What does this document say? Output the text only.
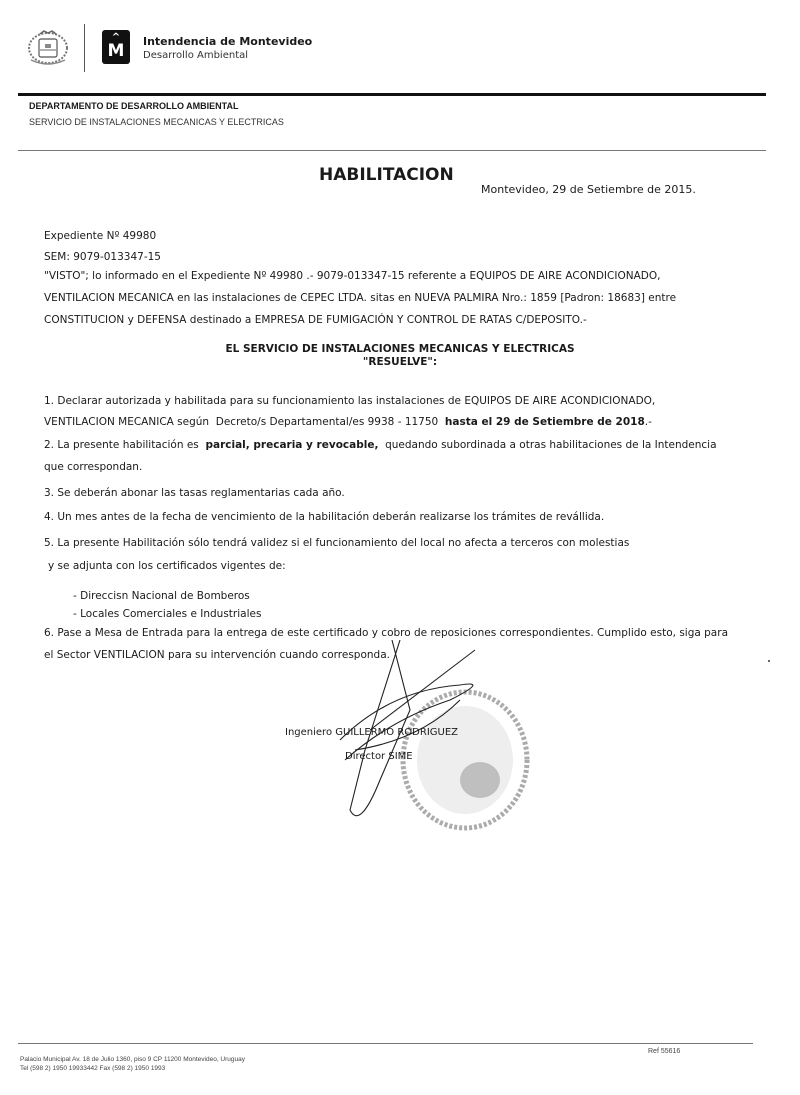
^
M	Intendencia de Montevideo
Desarrollo Ambiental
DEPARTAMENTO DE DESARROLLO AMBIENTAL
SERVICIO DE INSTALACIONES MECANICAS Y ELECTRICAS
HABILITACION
Montevideo, 29 de Setiembre de 2015.
Expediente Nº 49980
SEM: 9079-013347-15
"VISTO"; lo informado en el Expediente Nº 49980 .- 9079-013347-15 referente a EQUIPOS DE AIRE ACONDICIONADO,
VENTILACION MECANICA en las instalaciones de CEPEC LTDA. sitas en NUEVA PALMIRA Nro.: 1859 [Padron: 18683] entre
CONSTITUCION y DEFENSA destinado a EMPRESA DE FUMIGACIÓN Y CONTROL DE RATAS C/DEPOSITO.-
EL SERVICIO DE INSTALACIONES MECANICAS Y ELECTRICAS
"RESUELVE":
1. Declarar autorizada y habilitada para su funcionamiento las instalaciones de EQUIPOS DE AIRE ACONDICIONADO,
VENTILACION MECANICA según  Decreto/s Departamental/es 9938 - 11750  hasta el 29 de Setiembre de 2018.-
2. La presente habilitación es  parcial, precaria y revocable,  quedando subordinada a otras habilitaciones de la Intendencia
que correspondan.
3. Se deberán abonar las tasas reglamentarias cada año.
4. Un mes antes de la fecha de vencimiento de la habilitación deberán realizarse los trámites de revállida.
5. La presente Habilitación sólo tendrá validez si el funcionamiento del local no afecta a terceros con molestias
y se adjunta con los certificados vigentes de:
- Direccisn Nacional de Bomberos
- Locales Comerciales e Industriales
6. Pase a Mesa de Entrada para la entrega de este certificado y cobro de reposiciones correspondientes. Cumplido esto, siga para
el Sector VENTILACION para su intervención cuando corresponda.
Ingeniero GUILLERMO RODRIGUEZ
Director SIME
Palacio Municipal Av. 18 de Julio 1360, piso 9 CP 11200 Montevideo, Uruguay
Tel (598 2) 1950 19933442 Fax (598 2) 1950 1993
Ref 55616
